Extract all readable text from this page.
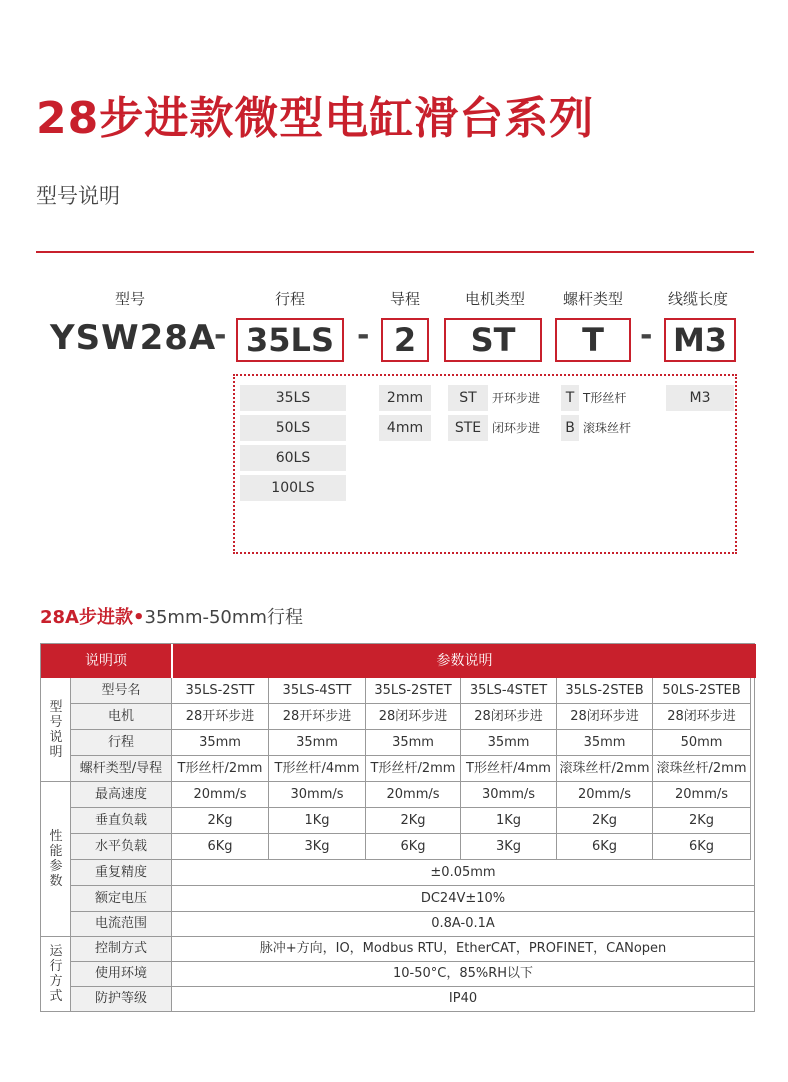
28步进款微型电缸滑台系列
型号说明
型号	行程	导程	电机类型	螺杆类型	线缆长度
YSW28A
- 35LS - 2	ST	T	- M3
35LS
50LS
60LS
100LS
2mm
4mm
ST	开环步进
STE 闭环步进
T T形丝杆
B 滚珠丝杆
M3
28A步进款•35mm-50mm行程
说明项	参数说明
型号说明
性能参数
运行方式
型号名	35LS-2STT	35LS-4STT	35LS-2STET	35LS-4STET	35LS-2STEB	50LS-2STEB
电机	28开环步进	28开环步进	28闭环步进	28闭环步进	28闭环步进	28闭环步进
行程	35mm	35mm	35mm	35mm	35mm	50mm
螺杆类型/导程	T形丝杆/2mm T形丝杆/4mm T形丝杆/2mm T形丝杆/4mm 滚珠丝杆/2mm 滚珠丝杆/2mm
最高速度	20mm/s	30mm/s	20mm/s	30mm/s	20mm/s	20mm/s
垂直负载	2Kg	1Kg	2Kg	1Kg	2Kg	2Kg
水平负载	6Kg	3Kg	6Kg	3Kg	6Kg	6Kg
重复精度	±0.05mm
额定电压	DC24V±10%
电流范围	0.8A-0.1A
控制方式	脉冲+方向，IO，Modbus RTU，EtherCAT，PROFINET，CANopen
使用环境	10-50°C，85%RH以下
防护等级	IP40
